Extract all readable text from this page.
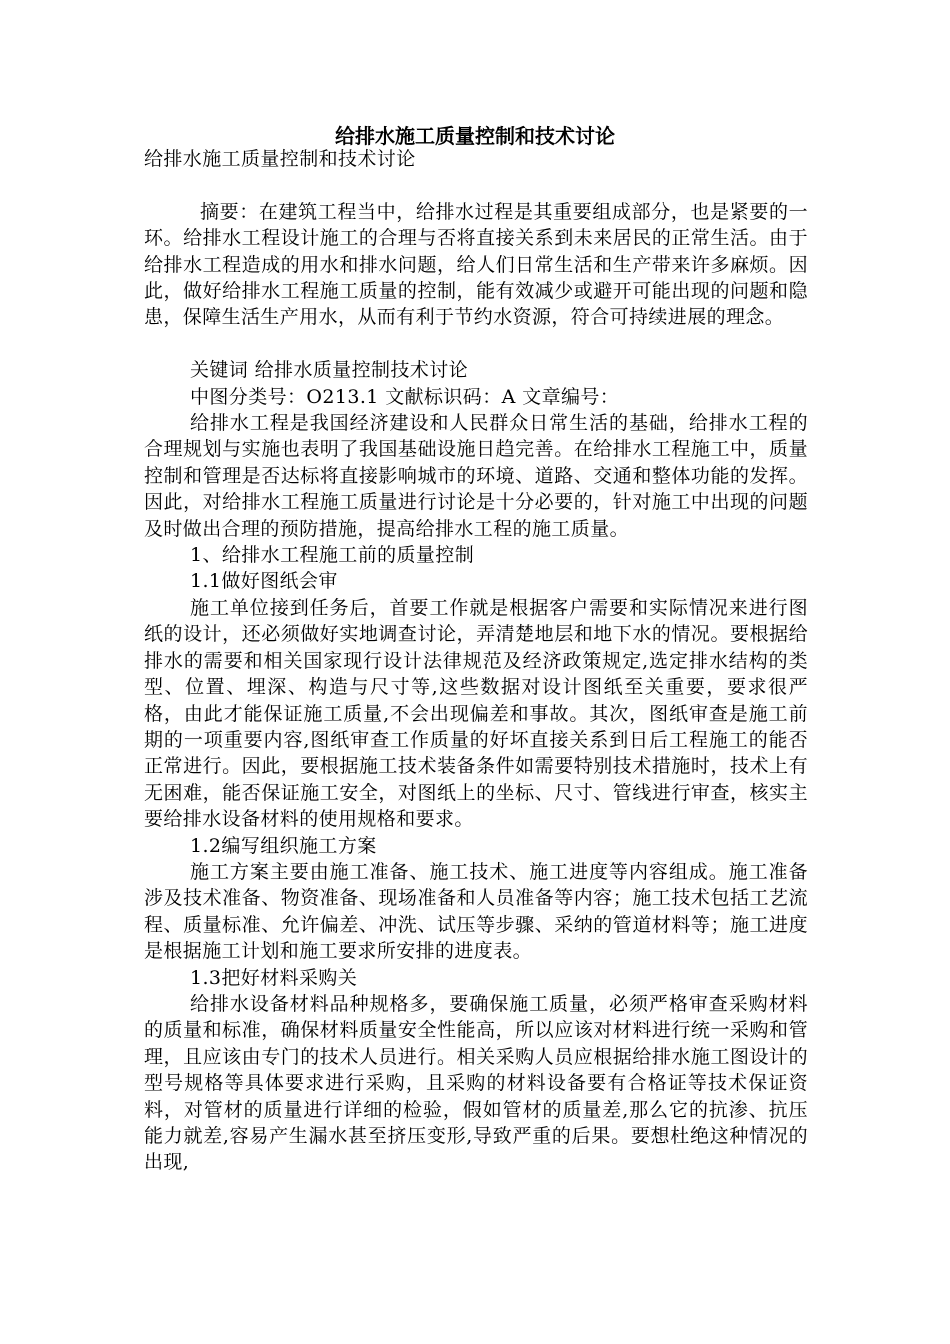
给排水施工质量控制和技术讨论

给排水施工质量控制和技术讨论

摘要：在建筑工程当中，给排水过程是其重要组成部分，也是紧要的一环。给排水工程设计施工的合理与否将直接关系到未来居民的正常生活。由于给排水工程造成的用水和排水问题，给人们日常生活和生产带来许多麻烦。因此，做好给排水工程施工质量的控制，能有效减少或避开可能出现的问题和隐患，保障生活生产用水，从而有利于节约水资源，符合可持续进展的理念。

关键词 给排水质量控制技术讨论

中图分类号：O213.1 文献标识码：A 文章编号：

给排水工程是我国经济建设和人民群众日常生活的基础，给排水工程的合理规划与实施也表明了我国基础设施日趋完善。在给排水工程施工中，质量控制和管理是否达标将直接影响城市的环境、道路、交通和整体功能的发挥。因此，对给排水工程施工质量进行讨论是十分必要的，针对施工中出现的问题及时做出合理的预防措施，提高给排水工程的施工质量。

1、给排水工程施工前的质量控制

1.1做好图纸会审

施工单位接到任务后，首要工作就是根据客户需要和实际情况来进行图纸的设计，还必须做好实地调查讨论，弄清楚地层和地下水的情况。要根据给排水的需要和相关国家现行设计法律规范及经济政策规定,选定排水结构的类型、位置、埋深、构造与尺寸等,这些数据对设计图纸至关重要，要求很严格，由此才能保证施工质量,不会出现偏差和事故。其次，图纸审查是施工前期的一项重要内容,图纸审查工作质量的好坏直接关系到日后工程施工的能否正常进行。因此，要根据施工技术装备条件如需要特别技术措施时，技术上有无困难，能否保证施工安全，对图纸上的坐标、尺寸、管线进行审查，核实主要给排水设备材料的使用规格和要求。

1.2编写组织施工方案

施工方案主要由施工准备、施工技术、施工进度等内容组成。施工准备涉及技术准备、物资准备、现场准备和人员准备等内容；施工技术包括工艺流程、质量标准、允许偏差、冲洗、试压等步骤、采纳的管道材料等；施工进度是根据施工计划和施工要求所安排的进度表。

1.3把好材料采购关

给排水设备材料品种规格多，要确保施工质量，必须严格审查采购材料的质量和标准，确保材料质量安全性能高，所以应该对材料进行统一采购和管理，且应该由专门的技术人员进行。相关采购人员应根据给排水施工图设计的型号规格等具体要求进行采购，且采购的材料设备要有合格证等技术保证资料，对管材的质量进行详细的检验，假如管材的质量差,那么它的抗渗、抗压能力就差,容易产生漏水甚至挤压变形,导致严重的后果。要想杜绝这种情况的出现,
